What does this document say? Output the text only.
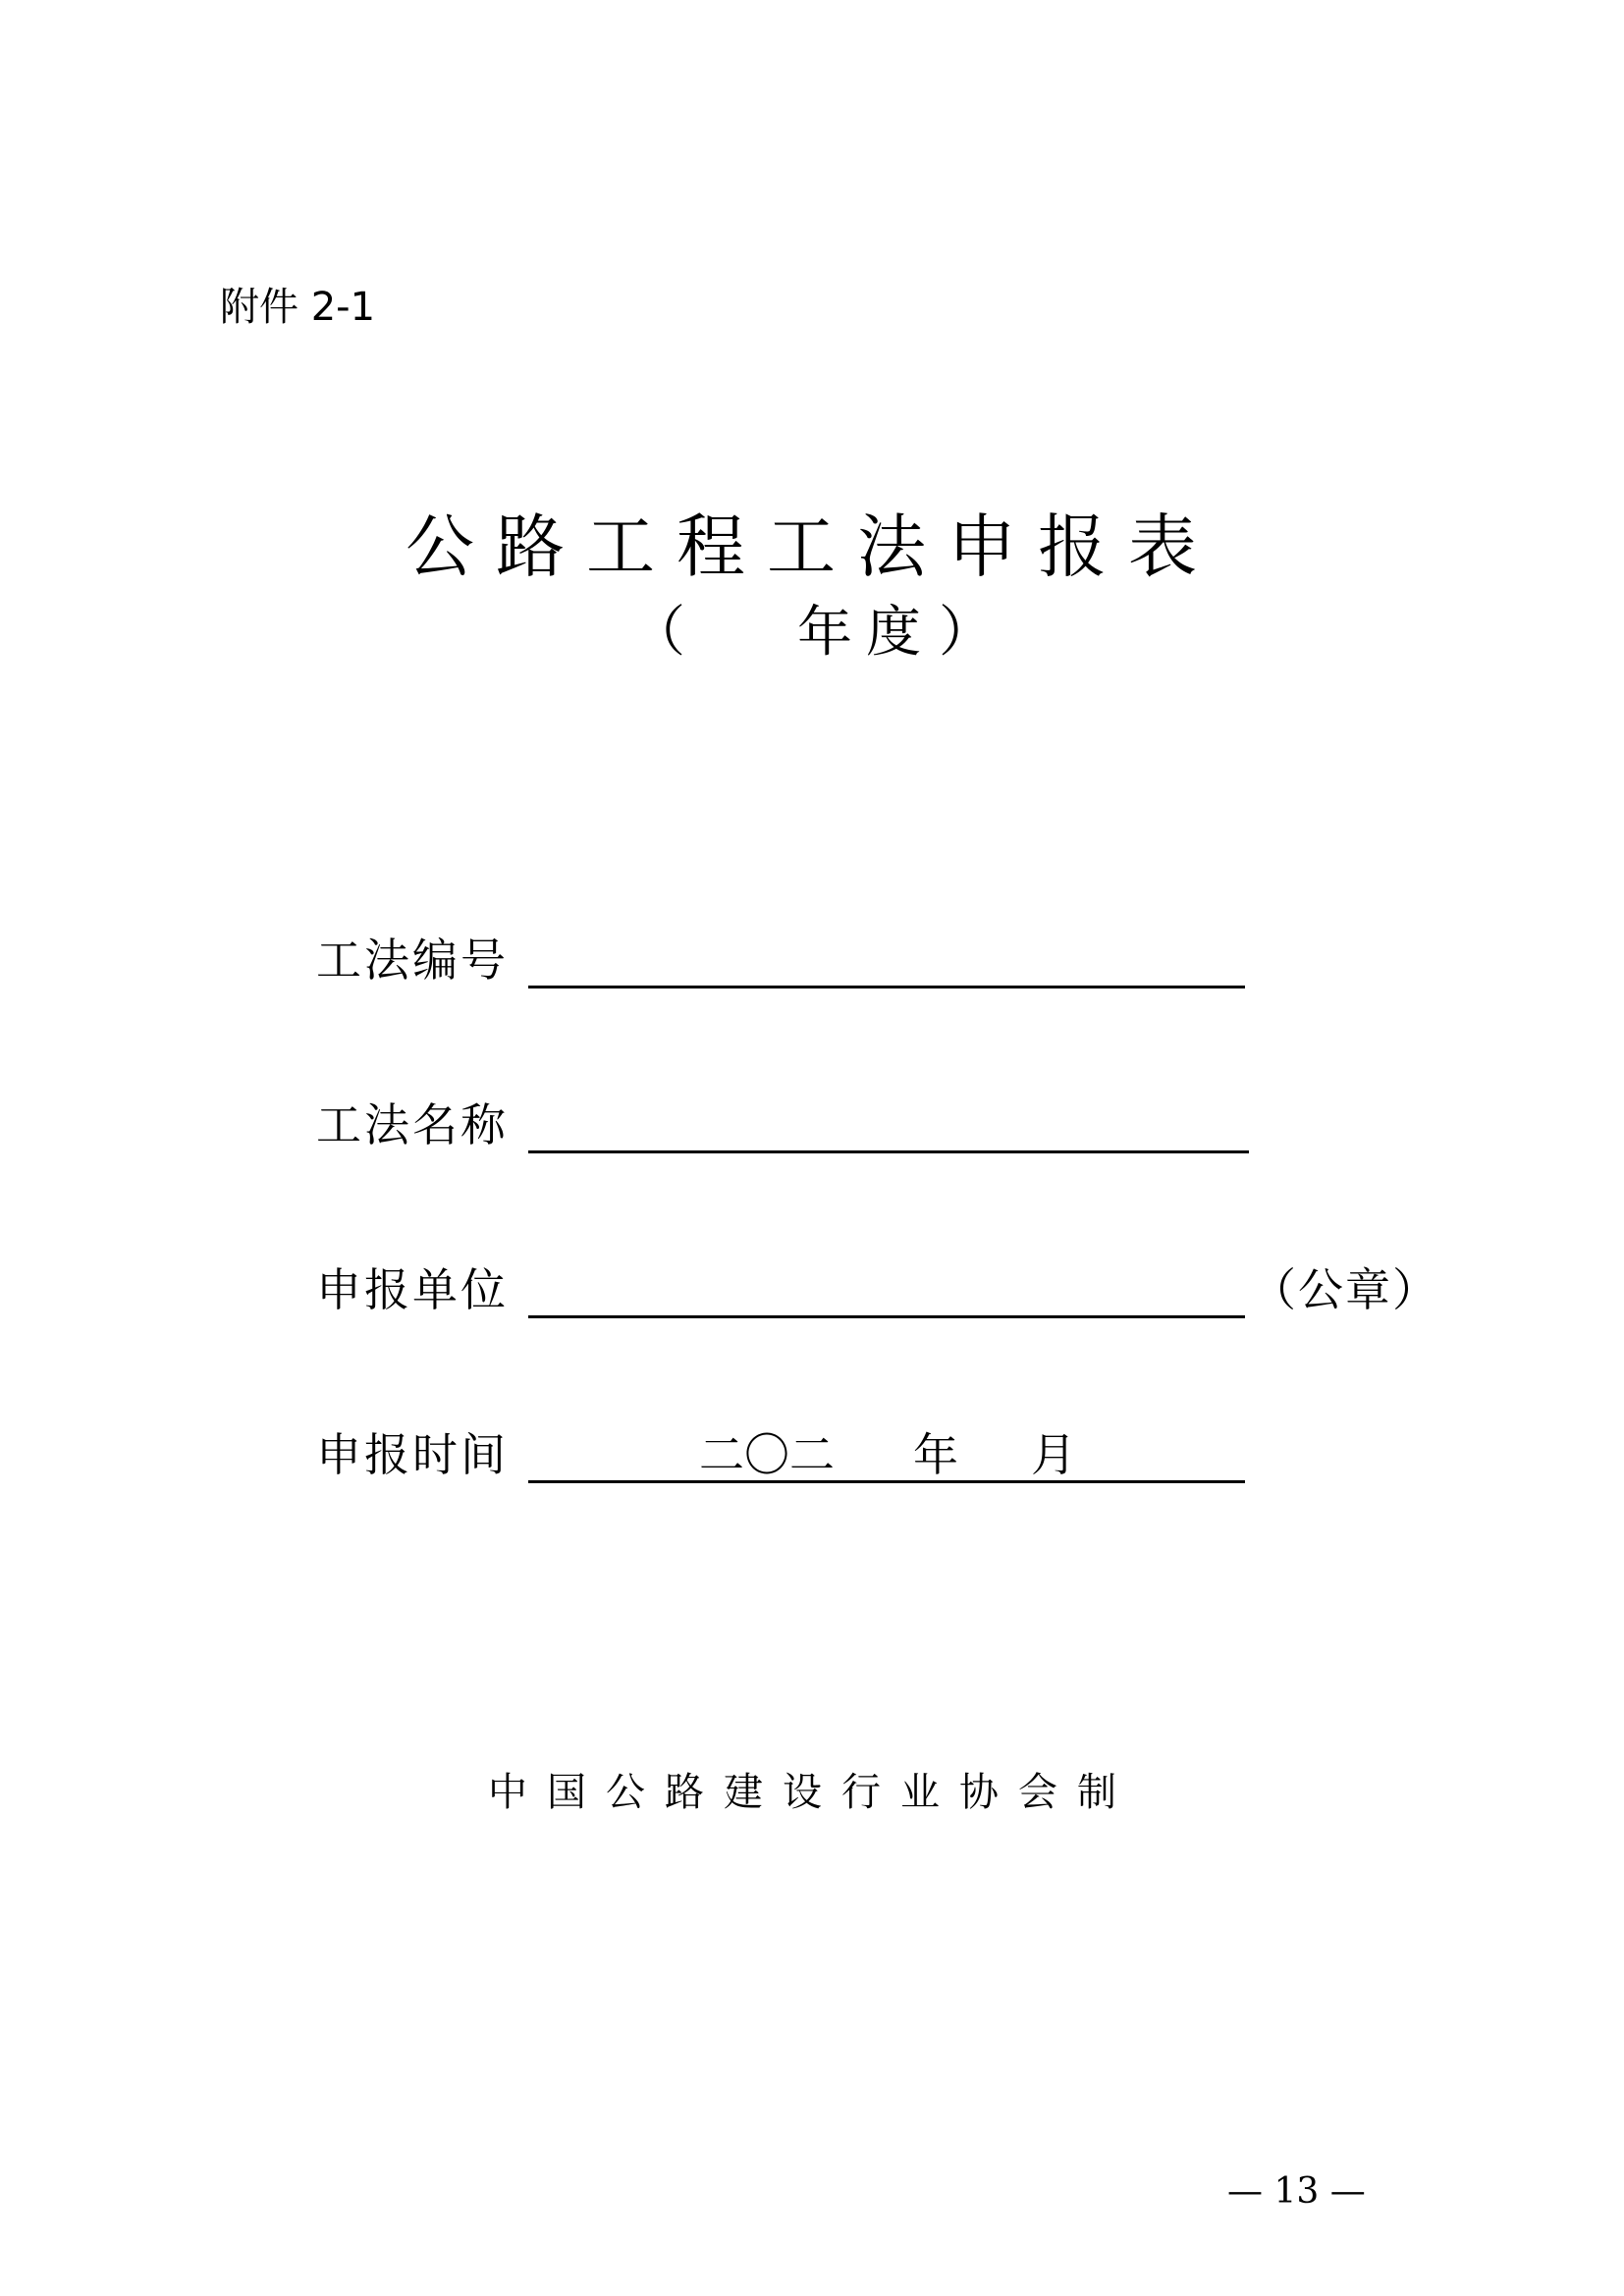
附件 2-1
公路工程工法申报表
（ 年度）
工法编号
工法名称
申报单位	（公章）
申报时间	二〇二 年 月
中国公路建设行业协会制
— 13 —
